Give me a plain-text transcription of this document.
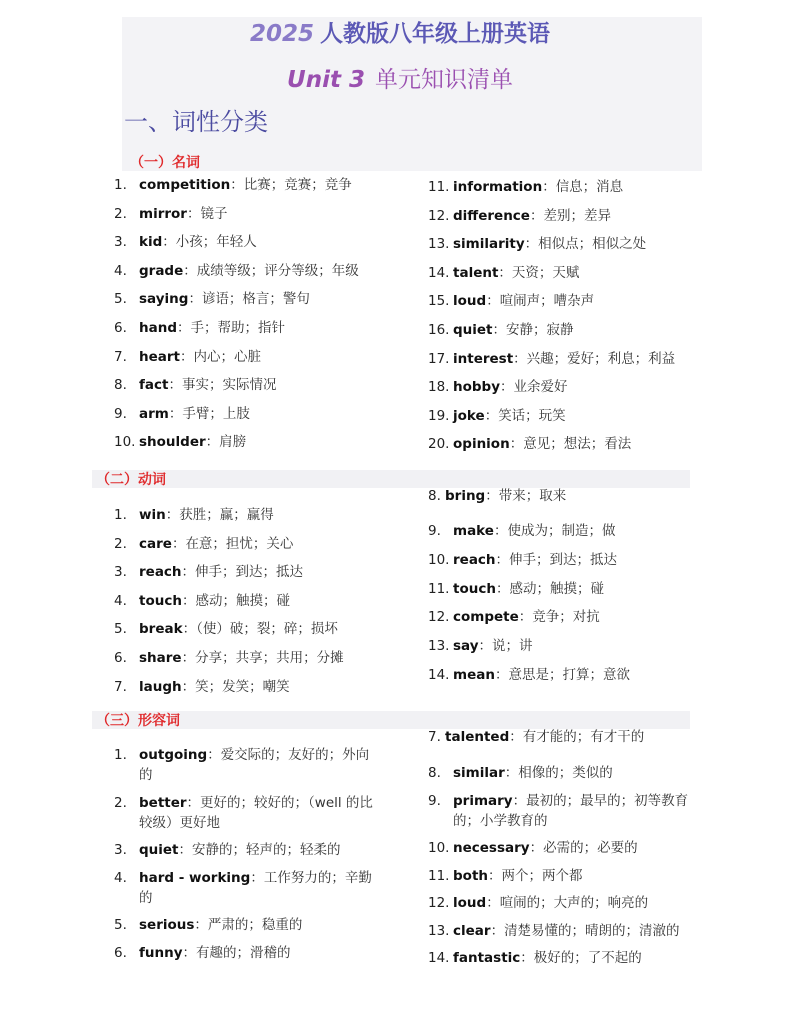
2025 人教版八年级上册英语
Unit 3 单元知识清单
一、词性分类
（一）名词
1. competition：比赛；竞赛；竞争
2. mirror：镜子
3. kid：小孩；年轻人
4. grade：成绩等级；评分等级；年级
5. saying：谚语；格言；警句
6. hand：手；帮助；指针
7. heart：内心；心脏
8. fact：事实；实际情况
9. arm：手臂；上肢
10. shoulder：肩膀
11. information：信息；消息
12. difference：差别；差异
13. similarity：相似点；相似之处
14. talent：天资；天赋
15. loud：喧闹声；嘈杂声
16. quiet：安静；寂静
17. interest：兴趣；爱好；利息；利益
18. hobby：业余爱好
19. joke：笑话；玩笑
20. opinion：意见；想法；看法
（二）动词
8. bring：带来；取来
1. win：获胜；赢；赢得
2. care：在意；担忧；关心
3. reach：伸手；到达；抵达
4. touch：感动；触摸；碰
5. break：（使）破；裂；碎；损坏
6. share：分享；共享；共用；分摊
7. laugh：笑；发笑；嘲笑
9. make：使成为；制造；做
10. reach：伸手；到达；抵达
11. touch：感动；触摸；碰
12. compete：竞争；对抗
13. say：说；讲
14. mean：意思是；打算；意欲
（三）形容词
7. talented：有才能的；有才干的
1. outgoing：爱交际的；友好的；外向的
2. better：更好的；较好的；（well 的比较级）更好地
3. quiet：安静的；轻声的；轻柔的
4. hard - working：工作努力的；辛勤的
5. serious：严肃的；稳重的
6. funny：有趣的；滑稽的
8. similar：相像的；类似的
9. primary：最初的；最早的；初等教育的；小学教育的
10. necessary：必需的；必要的
11. both：两个；两个都
12. loud：喧闹的；大声的；响亮的
13. clear：清楚易懂的；晴朗的；清澈的
14. fantastic：极好的；了不起的
